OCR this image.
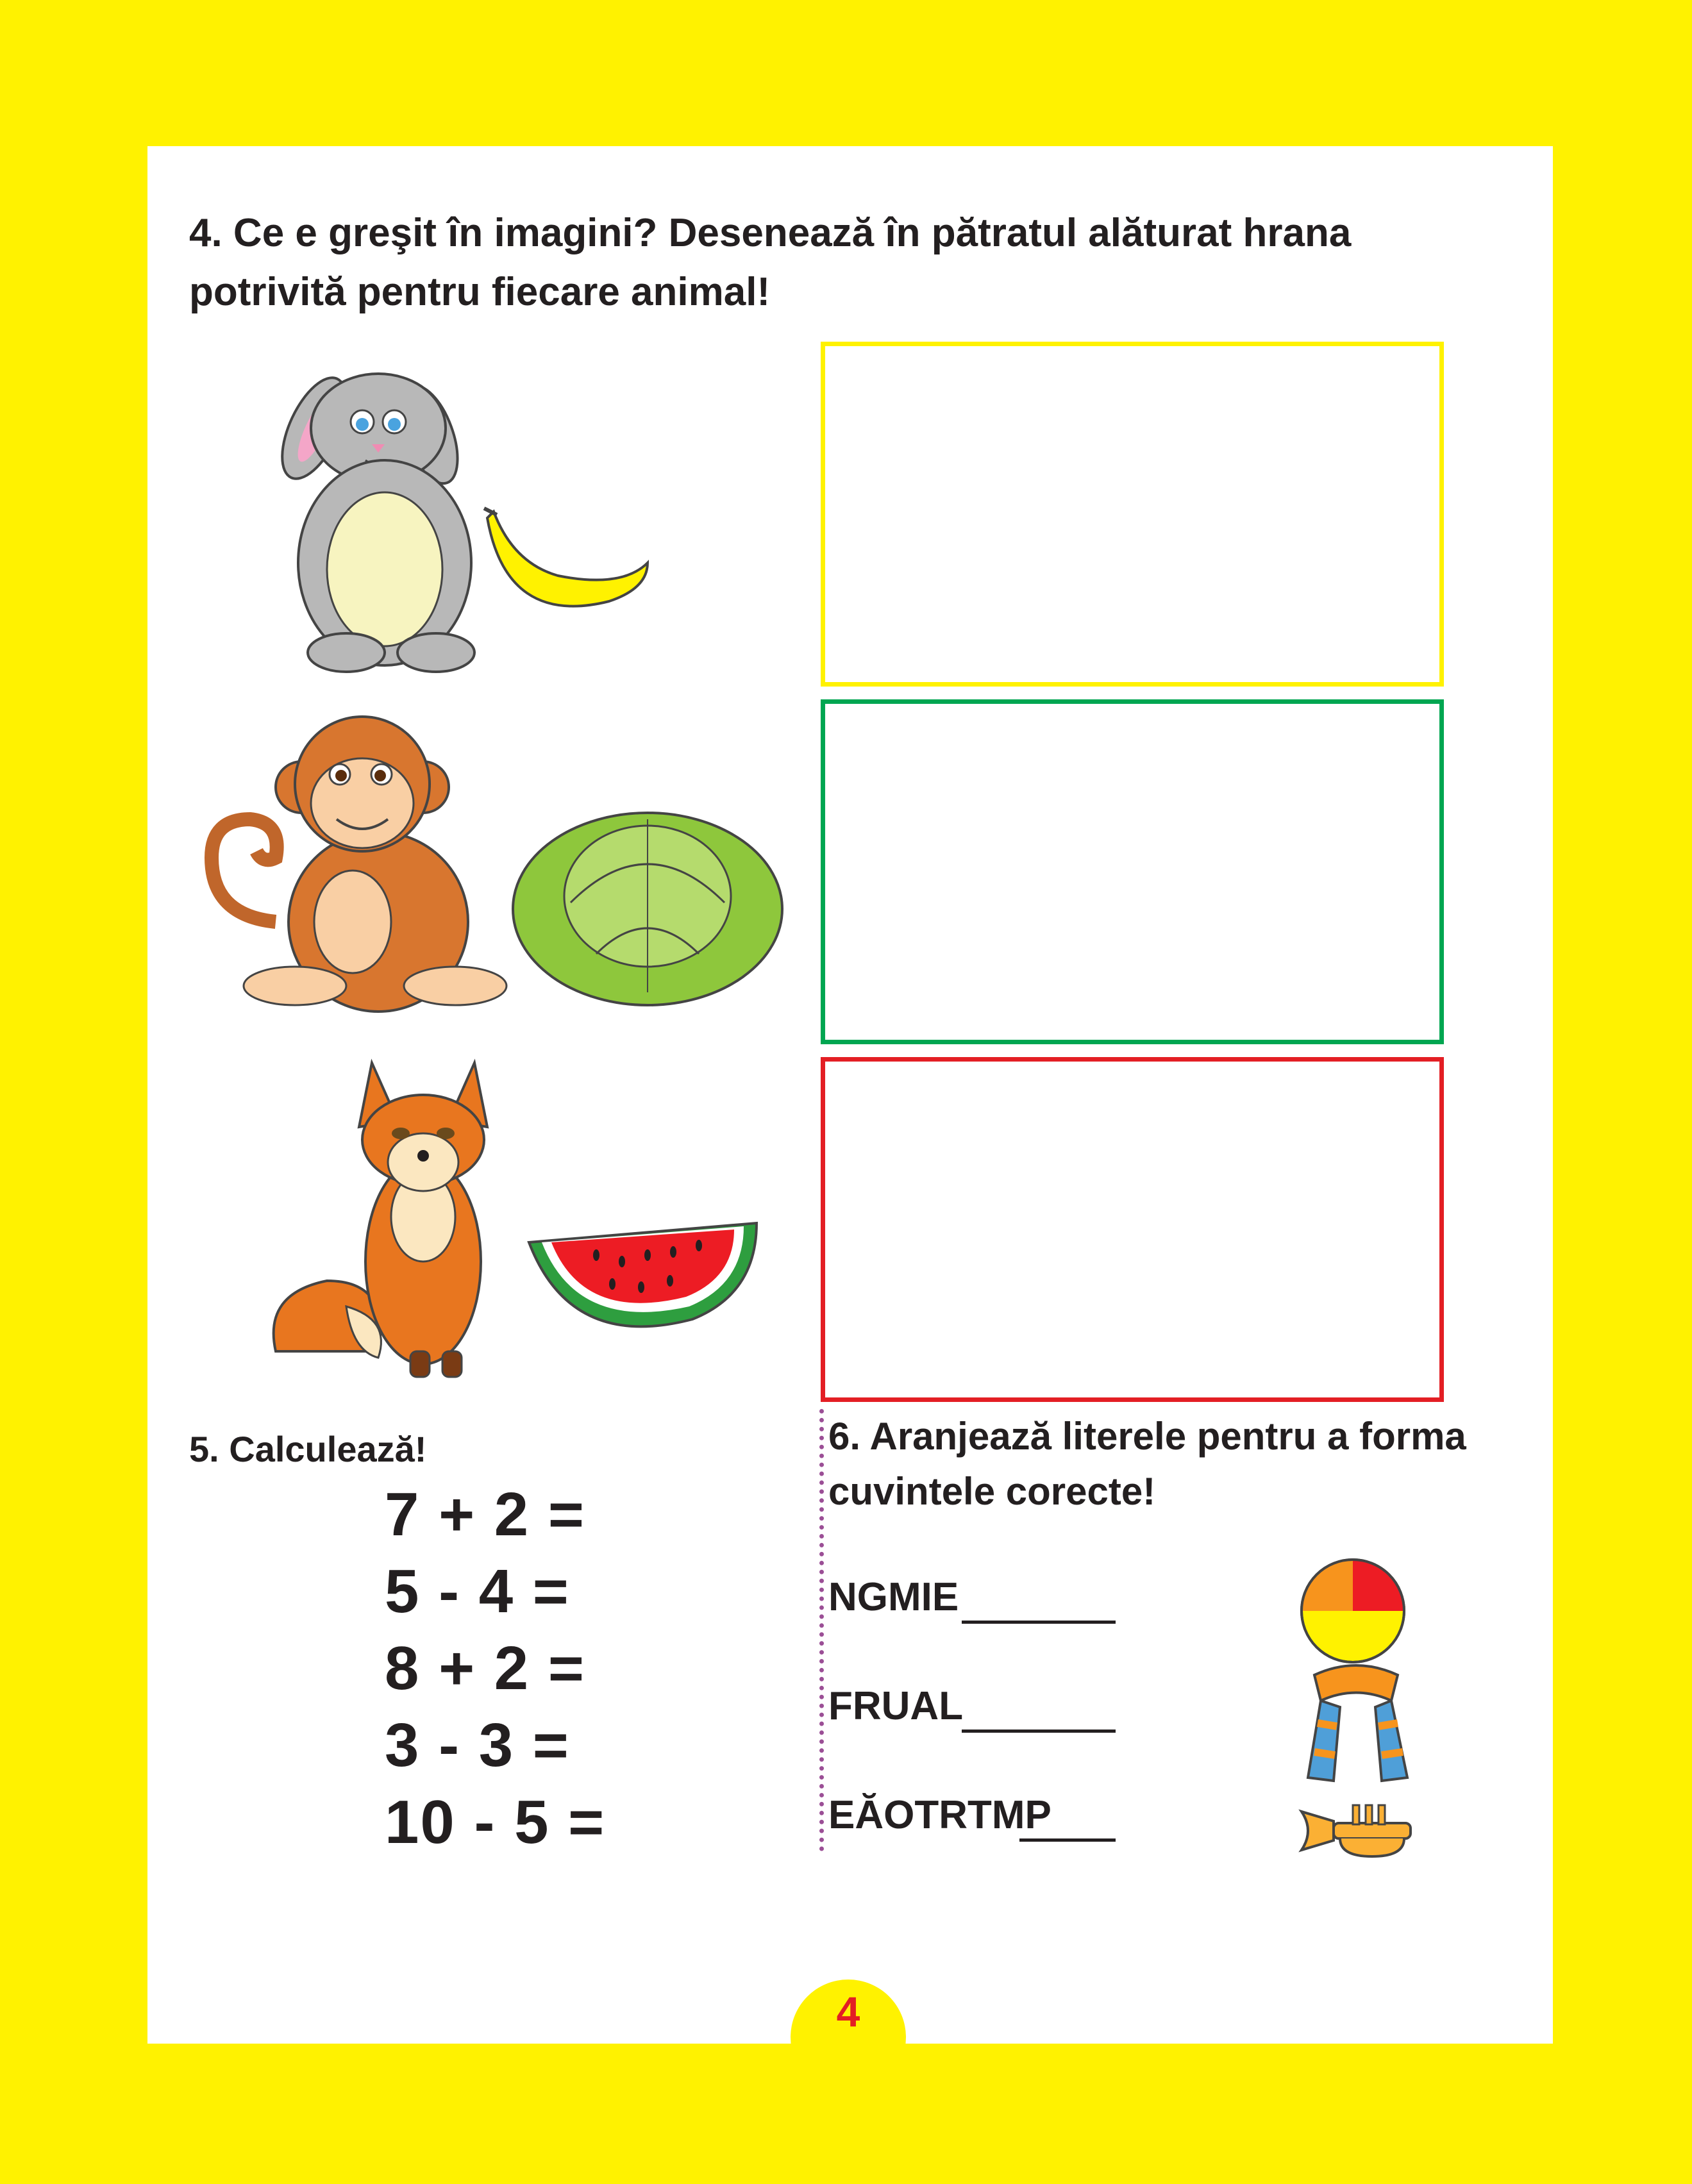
4. Ce e greşit în imagini? Desenează în pătratul alăturat hrana potrivită pentru fiecare animal!
5. Calculează!
7 + 2 =
5 - 4 =
8 + 2 =
3 - 3 =
10 - 5 =
6. Aranjează literele pentru a forma cuvintele corecte!
NGMIE
FRUAL
EĂOTRTMP
4
